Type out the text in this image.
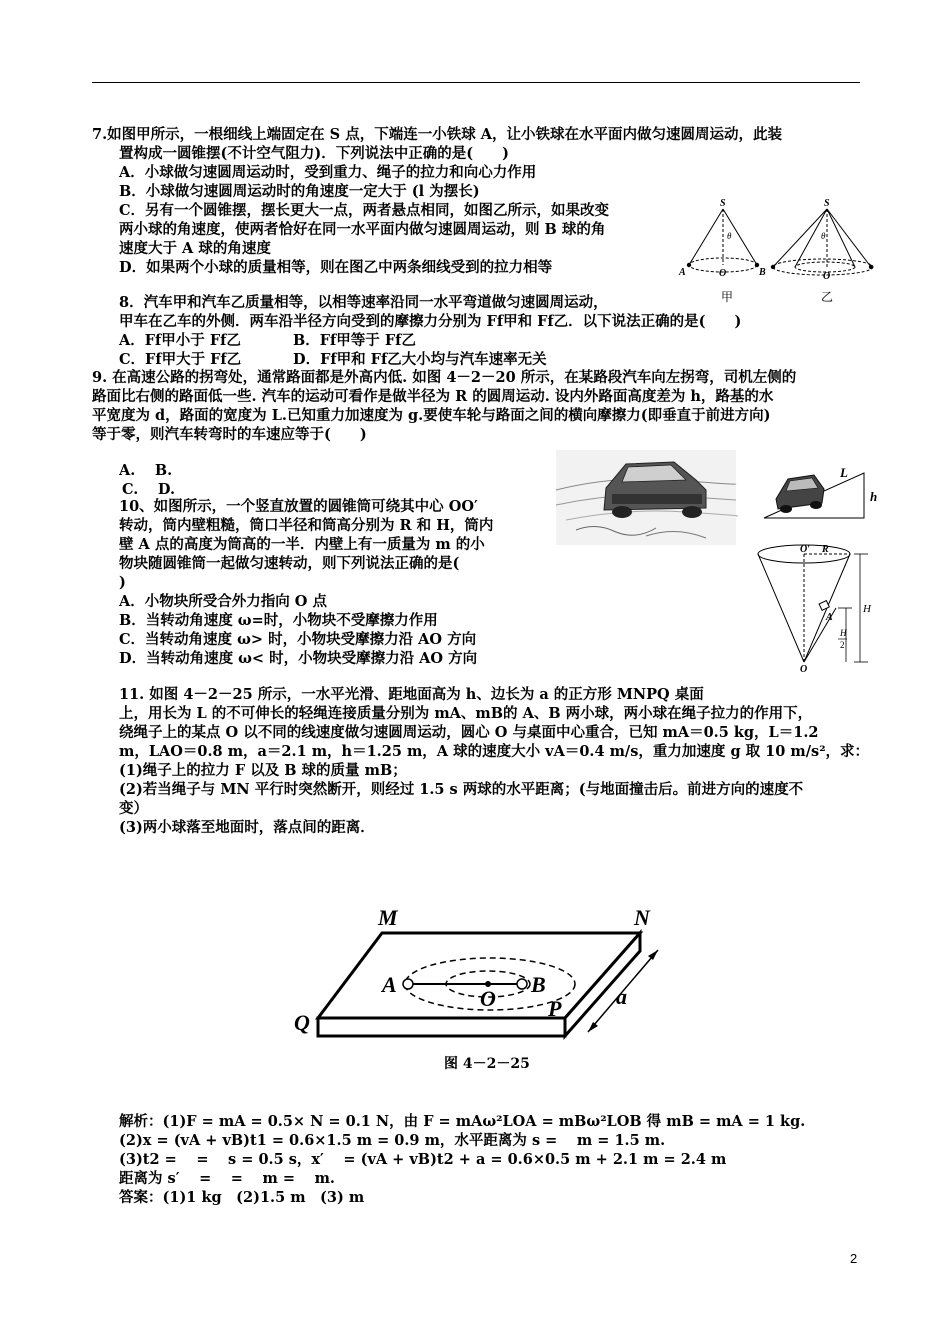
7.如图甲所示，一根细线上端固定在 S 点，下端连一小铁球 A，让小铁球在水平面内做匀速圆周运动，此装
置构成一圆锥摆(不计空气阻力)．下列说法中正确的是(　　)
A．小球做匀速圆周运动时，受到重力、绳子的拉力和向心力作用
B．小球做匀速圆周运动时的角速度一定大于 (l 为摆长)
C．另有一个圆锥摆，摆长更大一点，两者悬点相同，如图乙所示，如果改变
两小球的角速度，使两者恰好在同一水平面内做匀速圆周运动，则 B 球的角
速度大于 A 球的角速度
D．如果两个小球的质量相等，则在图乙中两条细线受到的拉力相等
S
θ
A	O	B
S
θ
O
甲	乙
8．汽车甲和汽车乙质量相等，以相等速率沿同一水平弯道做匀速圆周运动，
甲车在乙车的外侧．两车沿半径方向受到的摩擦力分别为 Ff甲和 Ff乙．以下说法正确的是(　　)
A．Ff甲小于 Ff乙	B．Ff甲等于 Ff乙
C．Ff甲大于 Ff乙	D．Ff甲和 Ff乙大小均与汽车速率无关
9. 在高速公路的拐弯处，通常路面都是外高内低. 如图 4－2－20 所示，在某路段汽车向左拐弯，司机左侧的
路面比右侧的路面低一些. 汽车的运动可看作是做半径为 R 的圆周运动. 设内外路面高度差为 h，路基的水
平宽度为 d，路面的宽度为 L.已知重力加速度为 g.要使车轮与路面之间的横向摩擦力(即垂直于前进方向)
等于零，则汽车转弯时的车速应等于(　　)
A.　 B.
C.　 D.
L
h
10、如图所示，一个竖直放置的圆锥筒可绕其中心 OO′
转动，筒内壁粗糙，筒口半径和筒高分别为 R 和 H，筒内
壁 A 点的高度为筒高的一半．内壁上有一质量为 m 的小
物块随圆锥筒一起做匀速转动，则下列说法正确的是(
)
A．小物块所受合外力指向 O 点
B．当转动角速度 ω=时，小物块不受摩擦力作用
C．当转动角速度 ω> 时，小物块受摩擦力沿 AO 方向
D．当转动角速度 ω< 时，小物块受摩擦力沿 AO 方向
O′ R
A
H
H
2
O
11. 如图 4－2－25 所示，一水平光滑、距地面高为 h、边长为 a 的正方形 MNPQ 桌面
上，用长为 L 的不可伸长的轻绳连接质量分别为 mA、mB的 A、B 两小球，两小球在绳子拉力的作用下，
绕绳子上的某点 O 以不同的线速度做匀速圆周运动，圆心 O 与桌面中心重合，已知 mA＝0.5 kg，L＝1.2
m，LAO＝0.8 m，a＝2.1 m，h＝1.25 m，A 球的速度大小 vA＝0.4 m/s，重力加速度 g 取 10 m/s²，求：
(1)绳子上的拉力 F 以及 B 球的质量 mB；
(2)若当绳子与 MN 平行时突然断开，则经过 1.5 s 两球的水平距离；(与地面撞击后。前进方向的速度不
变）
(3)两小球落至地面时，落点间的距离．
M	N
A	B
O
Q
P a
图 4－2－25
解析：(1)F = mA = 0.5× N = 0.1 N，由 F = mAω²LOA = mBω²LOB 得 mB = mA = 1 kg.
(2)x = (vA + vB)t1 = 0.6×1.5 m = 0.9 m，水平距离为 s = 　m = 1.5 m.
(3)t2 = 　= 　s = 0.5 s，x′ 　= (vA + vB)t2 + a = 0.6×0.5 m + 2.1 m = 2.4 m
距离为 s′ 　= 　= 　m = 　m.
答案：(1)1 kg　(2)1.5 m　(3) m
2
